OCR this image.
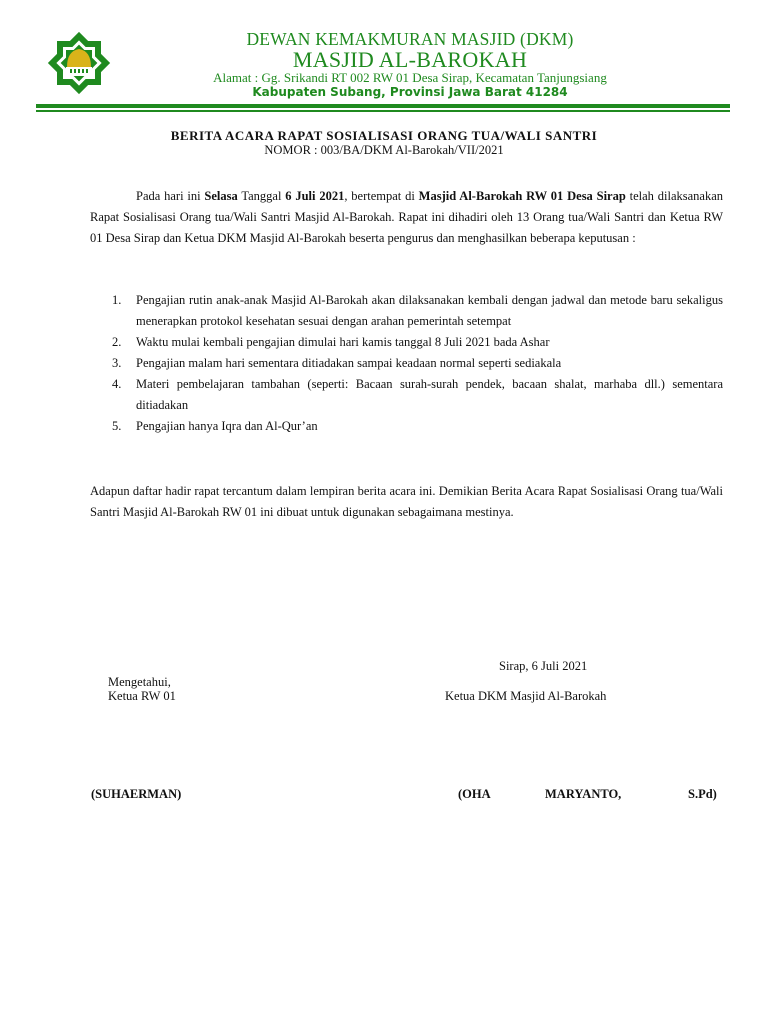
DEWAN KEMAKMURAN MASJID (DKM)
MASJID AL-BAROKAH
Alamat : Gg. Srikandi RT 002 RW 01 Desa Sirap, Kecamatan Tanjungsiang
Kabupaten Subang, Provinsi Jawa Barat 41284
BERITA ACARA RAPAT SOSIALISASI ORANG TUA/WALI SANTRI
NOMOR : 003/BA/DKM Al-Barokah/VII/2021
Pada hari ini Selasa Tanggal 6 Juli 2021, bertempat di Masjid Al-Barokah RW 01 Desa Sirap telah dilaksanakan Rapat Sosialisasi Orang tua/Wali Santri Masjid Al-Barokah. Rapat ini dihadiri oleh 13 Orang tua/Wali Santri dan Ketua RW 01 Desa Sirap dan Ketua DKM Masjid Al-Barokah beserta pengurus dan menghasilkan beberapa keputusan :
1. Pengajian rutin anak-anak Masjid Al-Barokah akan dilaksanakan kembali dengan jadwal dan metode baru sekaligus menerapkan protokol kesehatan sesuai dengan arahan pemerintah setempat
2. Waktu mulai kembali pengajian dimulai hari kamis tanggal 8 Juli 2021 bada Ashar
3. Pengajian malam hari sementara ditiadakan sampai keadaan normal seperti sediakala
4. Materi pembelajaran tambahan (seperti: Bacaan surah-surah pendek, bacaan shalat, marhaba dll.) sementara ditiadakan
5. Pengajian hanya Iqra dan Al-Qur’an
Adapun daftar hadir rapat tercantum dalam lempiran berita acara ini. Demikian Berita Acara Rapat Sosialisasi Orang tua/Wali Santri Masjid Al-Barokah RW 01 ini dibuat untuk digunakan sebagaimana mestinya.
Sirap, 6 Juli 2021
Mengetahui,
Ketua RW 01	Ketua DKM Masjid Al-Barokah
(SUHAERMAN)	(OHA	MARYANTO,	S.Pd)
